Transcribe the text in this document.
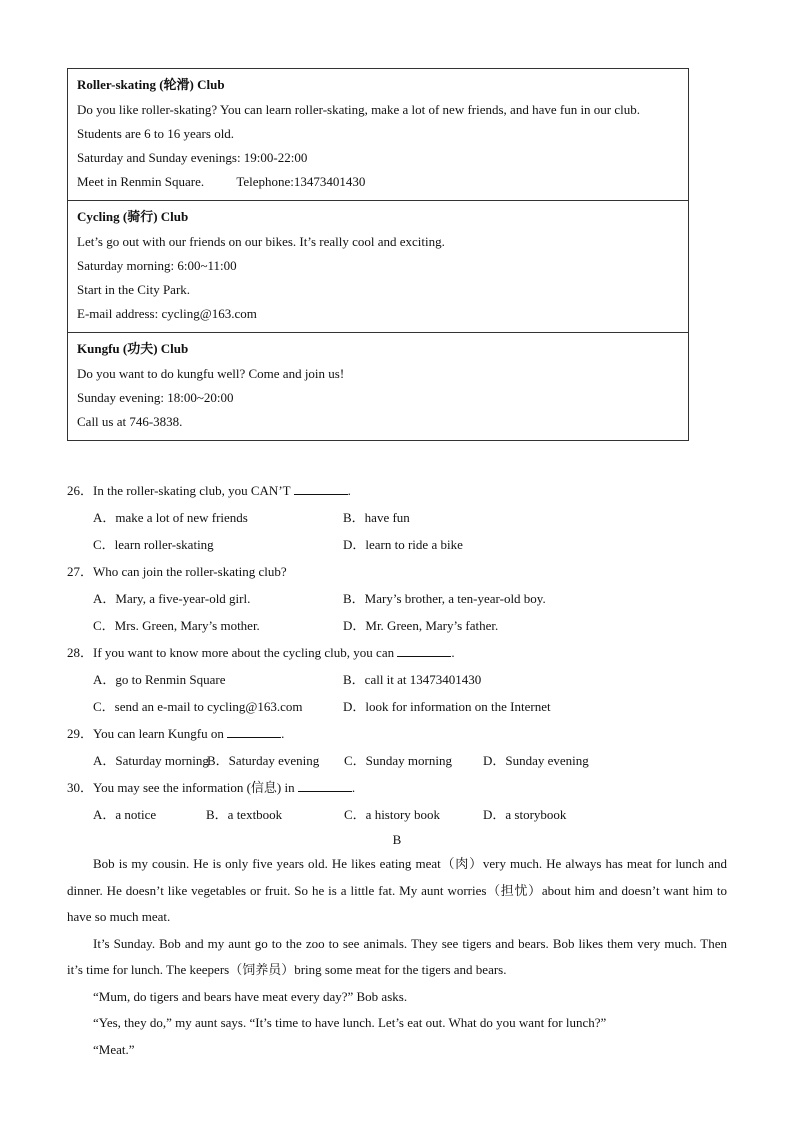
Roller-skating (轮滑) Club
Do you like roller-skating? You can learn roller-skating, make a lot of new friends, and have fun in our club.
Students are 6 to 16 years old.
Saturday and Sunday evenings: 19:00-22:00
Meet in Renmin Square.          Telephone:13473401430
Cycling (骑行) Club
Let’s go out with our friends on our bikes. It’s really cool and exciting.
Saturday morning: 6:00~11:00
Start in the City Park.
E-mail address: cycling@163.com
Kungfu (功夫) Club
Do you want to do kungfu well? Come and join us!
Sunday evening: 18:00~20:00
Call us at 746-3838.
26．In the roller-skating club, you CAN’T	.
A．make a lot of new friends	B．have fun
C．learn roller-skating	D．learn to ride a bike
27．Who can join the roller-skating club?
A．Mary, a five-year-old girl.	B．Mary’s brother, a ten-year-old boy.
C．Mrs. Green, Mary’s mother.	D．Mr. Green, Mary’s father.
28．If you want to know more about the cycling club, you can	.
A．go to Renmin Square	B．call it at 13473401430
C．send an e-mail to cycling@163.com	D．look for information on the Internet
29．You can learn Kungfu on	.
A．Saturday morning
B．Saturday evening C．Sunday morning D．Sunday evening
30．You may see the information (信息) in	.
A．a notice	B．a textbook	C．a history book	D．a storybook
B

Bob is my cousin. He is only five years old. He likes eating meat（肉）very much. He always has meat for lunch and dinner. He doesn’t like vegetables or fruit. So he is a little fat. My aunt worries（担忧）about him and doesn’t want him to have so much meat.

It’s Sunday. Bob and my aunt go to the zoo to see animals. They see tigers and bears. Bob likes them very much. Then it’s time for lunch. The keepers（饲养员）bring some meat for the tigers and bears.

“Mum, do tigers and bears have meat every day?” Bob asks.

“Yes, they do,” my aunt says. “It’s time to have lunch. Let’s eat out. What do you want for lunch?”

“Meat.”
